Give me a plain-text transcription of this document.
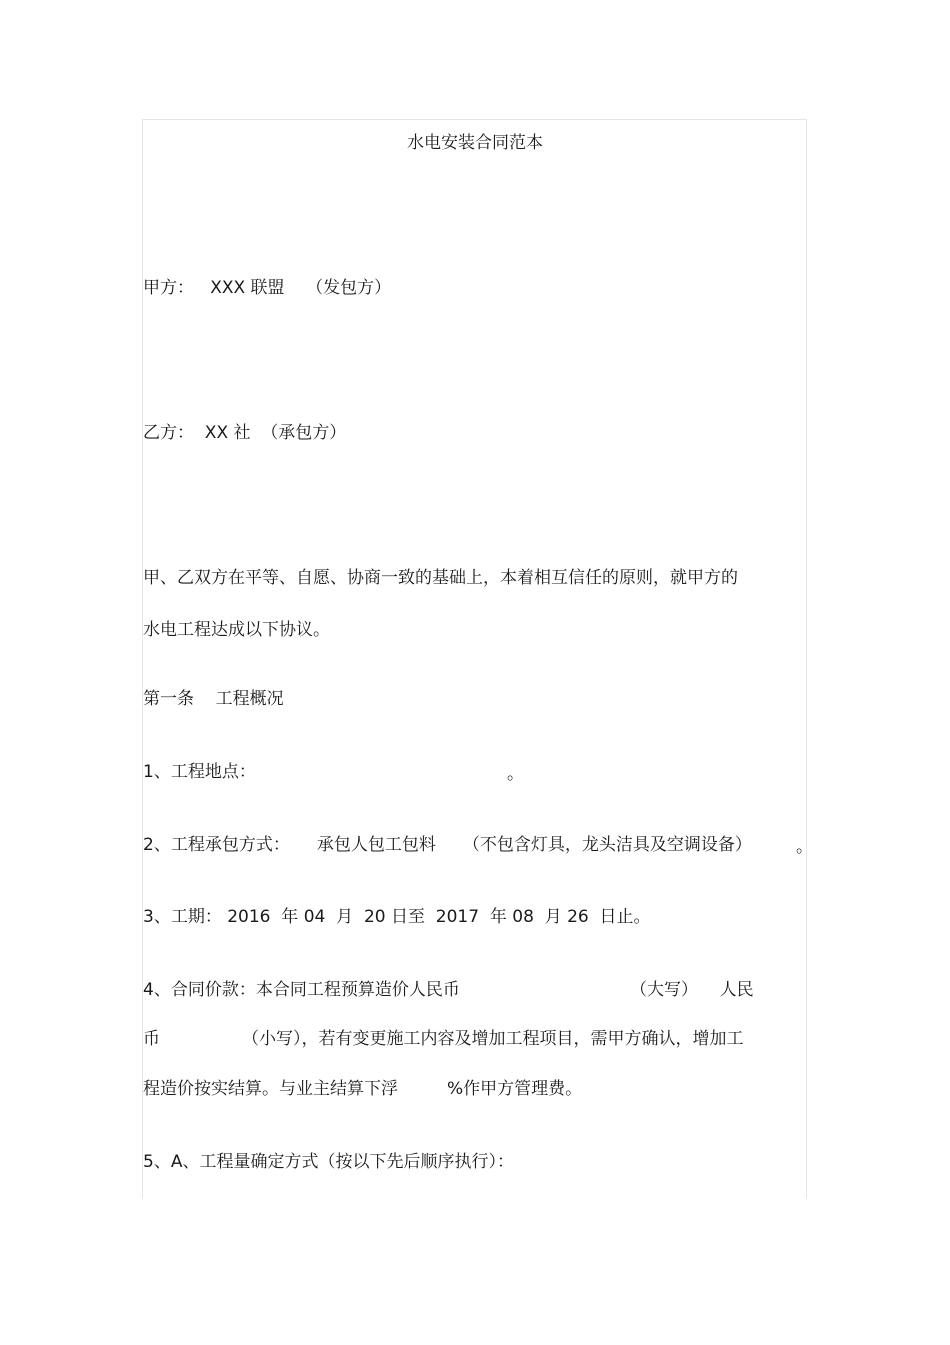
水电安装合同范本
甲方：   XXX 联盟    （发包方）
乙方：  XX 社  （承包方）
甲、乙双方在平等、自愿、协商一致的基础上，本着相互信任的原则，就甲方的
水电工程达成以下协议。
第一条    工程概况
1、工程地点：	。
2、工程承包方式：     承包人包工包料     （不包含灯具，龙头洁具及空调设备）	。
3、工期： 2016  年 04  月  20 日至  2017  年 08  月 26  日止。
4、合同价款：本合同工程预算造价人民币	（大写）    人民
币	（小写），若有变更施工内容及增加工程项目，需甲方确认，增加工
程造价按实结算。与业主结算下浮	%作甲方管理费。
5、A、工程量确定方式（按以下先后顺序执行）：
